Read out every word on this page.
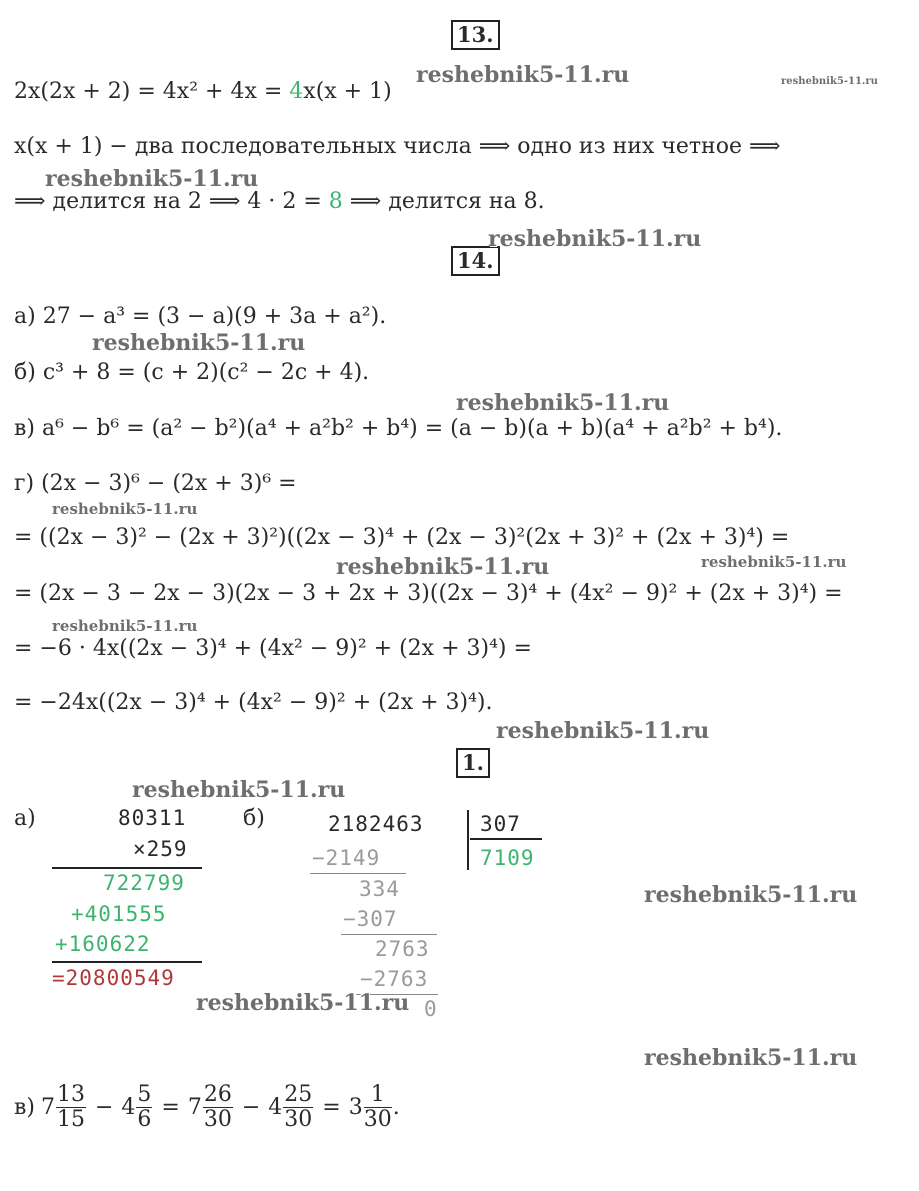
13.
2x(2x + 2) = 4x² + 4x = 4x(x + 1)
x(x + 1) − два последовательных числа ⟹ одно из них четное ⟹
⟹ делится на 2 ⟹ 4 · 2 = 8 ⟹ делится на 8.
14.
а) 27 − a³ = (3 − a)(9 + 3a + a²).
б) c³ + 8 = (c + 2)(c² − 2c + 4).
в) a⁶ − b⁶ = (a² − b²)(a⁴ + a²b² + b⁴) = (a − b)(a + b)(a⁴ + a²b² + b⁴).
г) (2x − 3)⁶ − (2x + 3)⁶ =
= ((2x − 3)² − (2x + 3)²)((2x − 3)⁴ + (2x − 3)²(2x + 3)² + (2x + 3)⁴) =
= (2x − 3 − 2x − 3)(2x − 3 + 2x + 3)((2x − 3)⁴ + (4x² − 9)² + (2x + 3)⁴) =
= −6 · 4x((2x − 3)⁴ + (4x² − 9)² + (2x + 3)⁴) =
= −24x((2x − 3)⁴ + (4x² − 9)² + (2x + 3)⁴).
1.
а)	80311
×259
722799
+401555
+160622
=20800549
б)	2182463	307
7109
−2149
334
−307
2763
−2763
0
в) $7 \frac{13}{15} - 4 \frac{5}{6} = 7 \frac{26}{30} - 4 \frac{25}{30} = 3 \frac{1}{30}$ .
reshebnik5-11.ru	reshebnik5-11.ru
reshebnik5-11.ru
reshebnik5-11.ru
reshebnik5-11.ru
reshebnik5-11.ru
reshebnik5-11.ru
reshebnik5-11.ru	reshebnik5-11.ru
reshebnik5-11.ru
reshebnik5-11.ru
reshebnik5-11.ru
reshebnik5-11.ru
reshebnik5-11.ru
reshebnik5-11.ru
